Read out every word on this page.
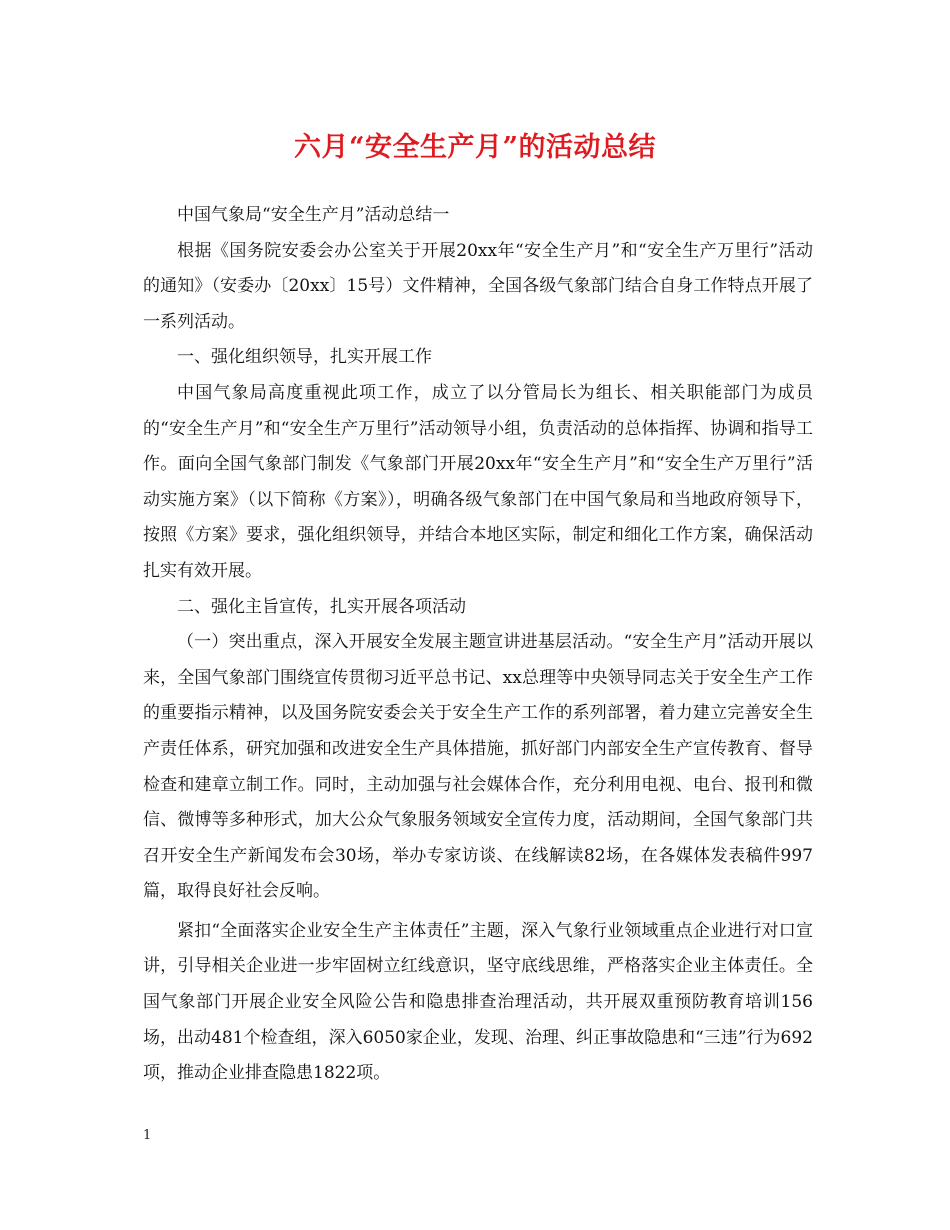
六月“安全生产月”的活动总结

中国气象局“安全生产月”活动总结一

根据《国务院安委会办公室关于开展20xx年“安全生产月”和“安全生产万里行”活动的通知》（安委办〔20xx〕15号）文件精神，全国各级气象部门结合自身工作特点开展了一系列活动。

一、强化组织领导，扎实开展工作

中国气象局高度重视此项工作，成立了以分管局长为组长、相关职能部门为成员的“安全生产月”和“安全生产万里行”活动领导小组，负责活动的总体指挥、协调和指导工作。面向全国气象部门制发《气象部门开展20xx年“安全生产月”和“安全生产万里行”活动实施方案》（以下简称《方案》），明确各级气象部门在中国气象局和当地政府领导下，按照《方案》要求，强化组织领导，并结合本地区实际，制定和细化工作方案，确保活动扎实有效开展。

二、强化主旨宣传，扎实开展各项活动

（一）突出重点，深入开展安全发展主题宣讲进基层活动。“安全生产月”活动开展以来，全国气象部门围绕宣传贯彻习近平总书记、xx总理等中央领导同志关于安全生产工作的重要指示精神，以及国务院安委会关于安全生产工作的系列部署，着力建立完善安全生产责任体系，研究加强和改进安全生产具体措施，抓好部门内部安全生产宣传教育、督导检查和建章立制工作。同时，主动加强与社会媒体合作，充分利用电视、电台、报刊和微信、微博等多种形式，加大公众气象服务领域安全宣传力度，活动期间，全国气象部门共召开安全生产新闻发布会30场，举办专家访谈、在线解读82场，在各媒体发表稿件997篇，取得良好社会反响。

紧扣“全面落实企业安全生产主体责任”主题，深入气象行业领域重点企业进行对口宣讲，引导相关企业进一步牢固树立红线意识，坚守底线思维，严格落实企业主体责任。全国气象部门开展企业安全风险公告和隐患排查治理活动，共开展双重预防教育培训156场，出动481个检查组，深入6050家企业，发现、治理、纠正事故隐患和“三违”行为692项，推动企业排查隐患1822项。

1
